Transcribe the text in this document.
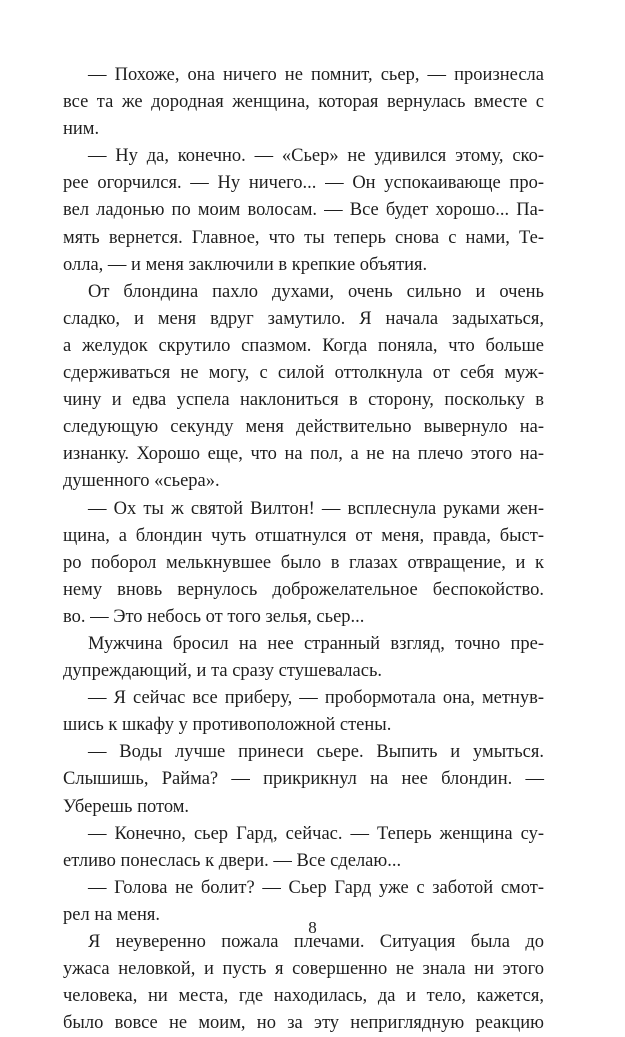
— Похоже, она ничего не помнит, сьер, — произнесла
все та же дородная женщина, которая вернулась вместе с
ним.
— Ну да, конечно. — «Сьер» не удивился этому, ско-
рее огорчился. — Ну ничего... — Он успокаивающе про-
вел ладонью по моим волосам. — Все будет хорошо... Па-
мять вернется. Главное, что ты теперь снова с нами, Те-
олла, — и меня заключили в крепкие объятия.
От блондина пахло духами, очень сильно и очень
сладко, и меня вдруг замутило. Я начала задыхаться,
а желудок скрутило спазмом. Когда поняла, что больше
сдерживаться не могу, с силой оттолкнула от себя муж-
чину и едва успела наклониться в сторону, поскольку в
следующую секунду меня действительно вывернуло на-
изнанку. Хорошо еще, что на пол, а не на плечо этого на-
душенного «сьера».
— Ох ты ж святой Вилтон! — всплеснула руками жен-
щина, а блондин чуть отшатнулся от меня, правда, быст-
ро поборол мелькнувшее было в глазах отвращение, и к
нему вновь вернулось доброжелательное беспокойство.
во. — Это небось от того зелья, сьер...
Мужчина бросил на нее странный взгляд, точно пре-
дупреждающий, и та сразу стушевалась.
— Я сейчас все приберу, — пробормотала она, метнув-
шись к шкафу у противоположной стены.
— Воды лучше принеси сьере. Выпить и умыться.
Слышишь, Райма? — прикрикнул на нее блондин. —
Уберешь потом.
— Конечно, сьер Гард, сейчас. — Теперь женщина су-
етливо понеслась к двери. — Все сделаю...
— Голова не болит? — Сьер Гард уже с заботой смот-
рел на меня.
Я неуверенно пожала плечами. Ситуация была до
ужаса неловкой, и пусть я совершенно не знала ни этого
человека, ни места, где находилась, да и тело, кажется,
было вовсе не моим, но за эту неприглядную реакцию
8
